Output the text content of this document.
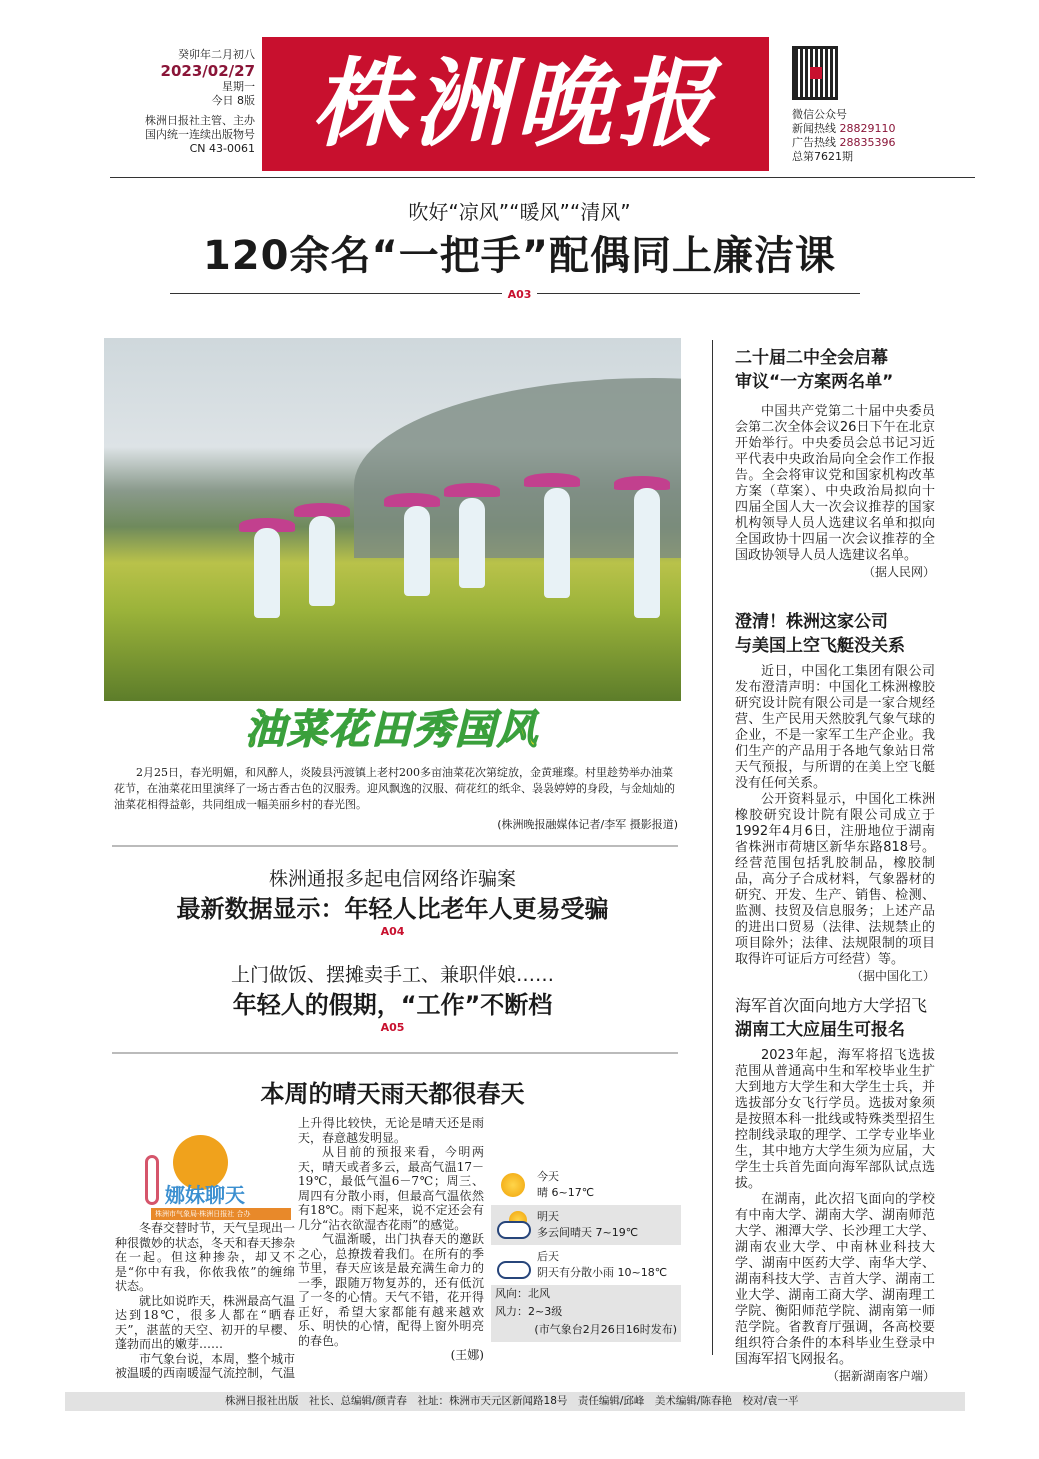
癸卯年二月初八
2023/02/27
星期一
今日 8版
株洲日报社主管、主办
国内统一连续出版物号
CN 43-0061 株洲晚报	微信公众号
新闻热线 28829110
广告热线 28835396
总第7621期
吹好“凉风”“暖风”“清风”
120余名“一把手”配偶同上廉洁课
A03
油菜花田秀国风
2月25日，春光明媚，和风醉人，炎陵县沔渡镇上老村200多亩油菜花次第绽放，金黄璀璨。村里趁势举办油菜花节，在油菜花田里演绎了一场古香古色的汉服秀。迎风飘逸的汉服、荷花红的纸伞、袅袅婷婷的身段，与金灿灿的油菜花相得益彰，共同组成一幅美丽乡村的春光图。
(株洲晚报融媒体记者/李军 摄影报道)
株洲通报多起电信网络诈骗案
最新数据显示：年轻人比老年人更易受骗
A04
上门做饭、摆摊卖手工、兼职伴娘……
年轻人的假期，“工作”不断档
A05
本周的晴天雨天都很春天
娜妹聊天
株洲市气象局·株洲日报社 合办

冬春交替时节，天气呈现出一种很微妙的状态，冬天和春天掺杂在一起。但这种掺杂，却又不是“你中有我，你侬我侬”的缠绵状态。

就比如说昨天，株洲最高气温达到18℃，很多人都在“晒春天”，湛蓝的天空、初开的早樱、蓬勃而出的嫩芽……

市气象台说，本周，整个城市被温暖的西南暖湿气流控制，气温

上升得比较快，无论是晴天还是雨天，春意越发明显。

从目前的预报来看，今明两天，晴天或者多云，最高气温17－19℃，最低气温6－7℃；周三、周四有分散小雨，但最高气温依然有18℃。雨下起来，说不定还会有几分“沾衣欲湿杏花雨”的感觉。

气温渐暖，出门执春天的邀跃之心，总撩拨着我们。在所有的季节里，春天应该是最充满生命力的一季，跟随万物复苏的，还有低沉了一冬的心情。天气不错，花开得正好，希望大家都能有越来越欢乐、明快的心情，配得上窗外明亮的春色。

(王娜)

今天
晴 6~17℃
明天
多云间晴天 7~19℃
后天
阴天有分散小雨 10~18℃
风向：北风
风力：2~3级
(市气象台2月26日16时发布)
二十届二中全会启幕
审议“一方案两名单”

中国共产党第二十届中央委员会第二次全体会议26日下午在北京开始举行。中央委员会总书记习近平代表中央政治局向全会作工作报告。全会将审议党和国家机构改革方案（草案）、中央政治局拟向十四届全国人大一次会议推荐的国家机构领导人员人选建议名单和拟向全国政协十四届一次会议推荐的全国政协领导人员人选建议名单。

（据人民网）

澄清！株洲这家公司
与美国上空飞艇没关系

近日，中国化工集团有限公司发布澄清声明：中国化工株洲橡胶研究设计院有限公司是一家合规经营、生产民用天然胶乳气象气球的企业，不是一家军工生产企业。我们生产的产品用于各地气象站日常天气预报，与所谓的在美上空飞艇没有任何关系。

公开资料显示，中国化工株洲橡胶研究设计院有限公司成立于1992年4月6日，注册地位于湖南省株洲市荷塘区新华东路818号。经营范围包括乳胶制品，橡胶制品，高分子合成材料，气象器材的研究、开发、生产、销售、检测、监测、技贸及信息服务；上述产品的进出口贸易（法律、法规禁止的项目除外；法律、法规限制的项目取得许可证后方可经营）等。

（据中国化工）

海军首次面向地方大学招飞
湖南工大应届生可报名

2023年起，海军将招飞选拔范围从普通高中生和军校毕业生扩大到地方大学生和大学生士兵，并选拔部分女飞行学员。选拔对象须是按照本科一批线或特殊类型招生控制线录取的理学、工学专业毕业生，其中地方大学生须为应届，大学生士兵首先面向海军部队试点选拔。

在湖南，此次招飞面向的学校有中南大学、湖南大学、湖南师范大学、湘潭大学、长沙理工大学、湖南农业大学、中南林业科技大学、湖南中医药大学、南华大学、湖南科技大学、吉首大学、湖南工业大学、湖南工商大学、湖南理工学院、衡阳师范学院、湖南第一师范学院。省教育厅强调，各高校要组织符合条件的本科毕业生登录中国海军招飞网报名。

（据新湖南客户端）

株洲日报社出版　社长、总编辑/颜青春　社址：株洲市天元区新闻路18号　责任编辑/邱峰　美术编辑/陈春艳　校对/袁一平
